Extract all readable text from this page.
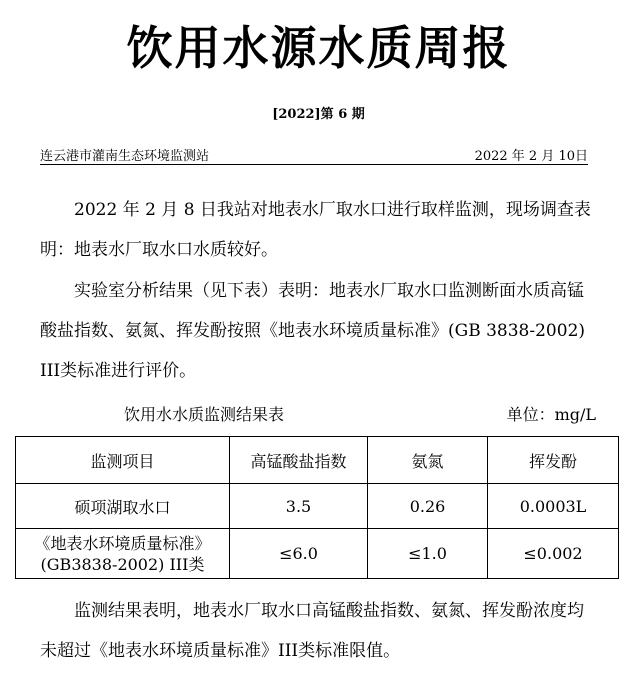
饮用水源水质周报
[2022]第 6 期
连云港市灌南生态环境监测站	2022 年 2 月 10日

2022 年 2 月 8 日我站对地表水厂取水口进行取样监测，现场调查表明：地表水厂取水口水质较好。

实验室分析结果（见下表）表明：地表水厂取水口监测断面水质高锰酸盐指数、氨氮、挥发酚按照《地表水环境质量标准》(GB 3838-2002) III类标准进行评价。

饮用水水质监测结果表	单位：mg/L
监测项目	高锰酸盐指数	氨氮	挥发酚
硕项湖取水口	3.5	0.26	0.0003L

《地表水环境质量标准》
(GB3838-2002) III类	≤6.0	≤1.0	≤0.002

监测结果表明，地表水厂取水口高锰酸盐指数、氨氮、挥发酚浓度均未超过《地表水环境质量标准》III类标准限值。
